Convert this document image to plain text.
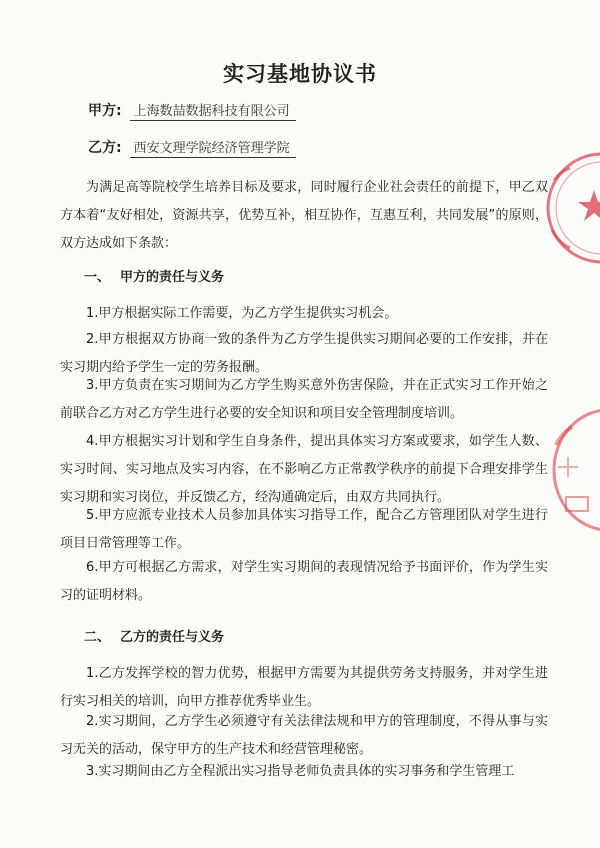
实习基地协议书
甲方: 上海数喆数据科技有限公司
乙方: 西安文理学院经济管理学院
为满足高等院校学生培养目标及要求，同时履行企业社会责任的前提下，甲乙双方本着“友好相处，资源共享，优势互补，相互协作，互惠互利，共同发展”的原则，双方达成如下条款：
一、 甲方的责任与义务
1.甲方根据实际工作需要，为乙方学生提供实习机会。
2.甲方根据双方协商一致的条件为乙方学生提供实习期间必要的工作安排，并在实习期内给予学生一定的劳务报酬。
3.甲方负责在实习期间为乙方学生购买意外伤害保险，并在正式实习工作开始之前联合乙方对乙方学生进行必要的安全知识和项目安全管理制度培训。
4.甲方根据实习计划和学生自身条件，提出具体实习方案或要求，如学生人数、实习时间、实习地点及实习内容，在不影响乙方正常教学秩序的前提下合理安排学生实习期和实习岗位，并反馈乙方，经沟通确定后，由双方共同执行。
5.甲方应派专业技术人员参加具体实习指导工作，配合乙方管理团队对学生进行项目日常管理等工作。
6.甲方可根据乙方需求，对学生实习期间的表现情况给予书面评价，作为学生实习的证明材料。
二、 乙方的责任与义务
1.乙方发挥学校的智力优势，根据甲方需要为其提供劳务支持服务，并对学生进行实习相关的培训，向甲方推荐优秀毕业生。
2.实习期间，乙方学生必须遵守有关法律法规和甲方的管理制度，不得从事与实习无关的活动，保守甲方的生产技术和经营管理秘密。
3.实习期间由乙方全程派出实习指导老师负责具体的实习事务和学生管理工
